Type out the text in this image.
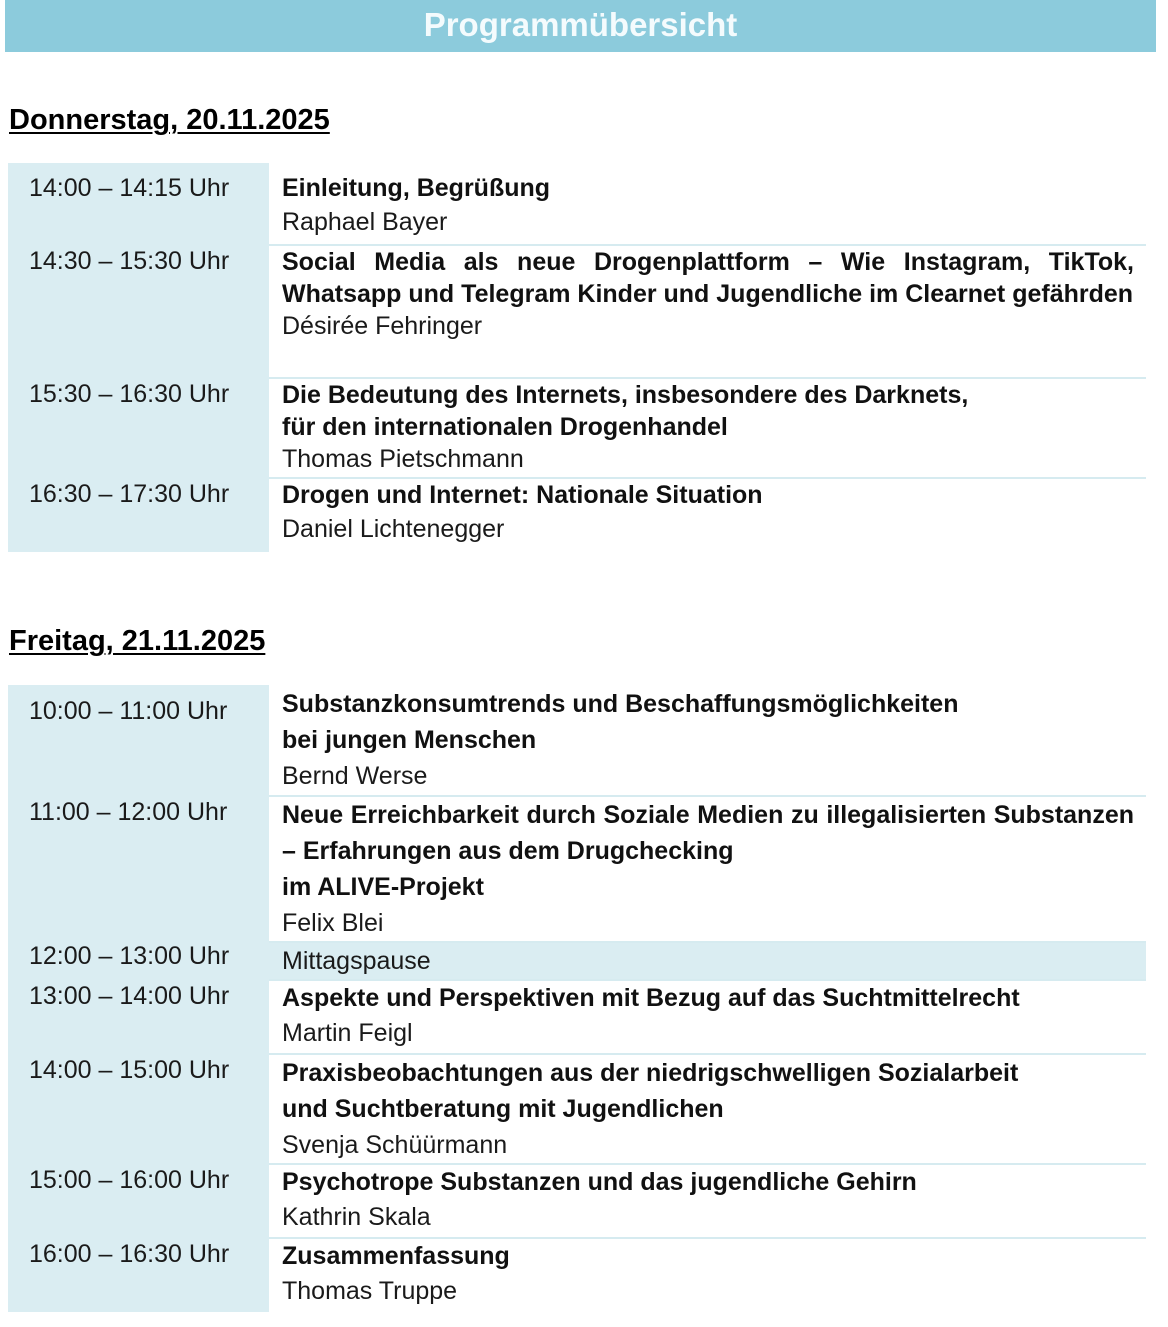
Programmübersicht
Donnerstag, 20.11.2025
14:00 – 14:15 Uhr	Einleitung, Begrüßung
Raphael Bayer

14:30 – 15:30 Uhr	Social Media als neue Drogenplattform – Wie Instagram, TikTok, Whatsapp und Telegram Kinder und Jugendliche im Clearnet gefährden
Désirée Fehringer

15:30 – 16:30 Uhr	Die Bedeutung des Internets, insbesondere des Darknets,
für den internationalen Drogenhandel
Thomas Pietschmann

16:30 – 17:30 Uhr	Drogen und Internet: Nationale Situation
Daniel Lichtenegger
Freitag, 21.11.2025
10:00 – 11:00 Uhr	Substanzkonsumtrends und Beschaffungsmöglichkeiten
bei jungen Menschen
Bernd Werse

11:00 – 12:00 Uhr	Neue Erreichbarkeit durch Soziale Medien zu illegalisierten Substanzen – Erfahrungen aus dem Drugchecking
im ALIVE-Projekt
Felix Blei

12:00 – 13:00 Uhr	Mittagspause

13:00 – 14:00 Uhr	Aspekte und Perspektiven mit Bezug auf das Suchtmittelrecht
Martin Feigl

14:00 – 15:00 Uhr	Praxisbeobachtungen aus der niedrigschwelligen Sozialarbeit
und Suchtberatung mit Jugendlichen
Svenja Schüürmann

15:00 – 16:00 Uhr	Psychotrope Substanzen und das jugendliche Gehirn
Kathrin Skala

16:00 – 16:30 Uhr	Zusammenfassung
Thomas Truppe
